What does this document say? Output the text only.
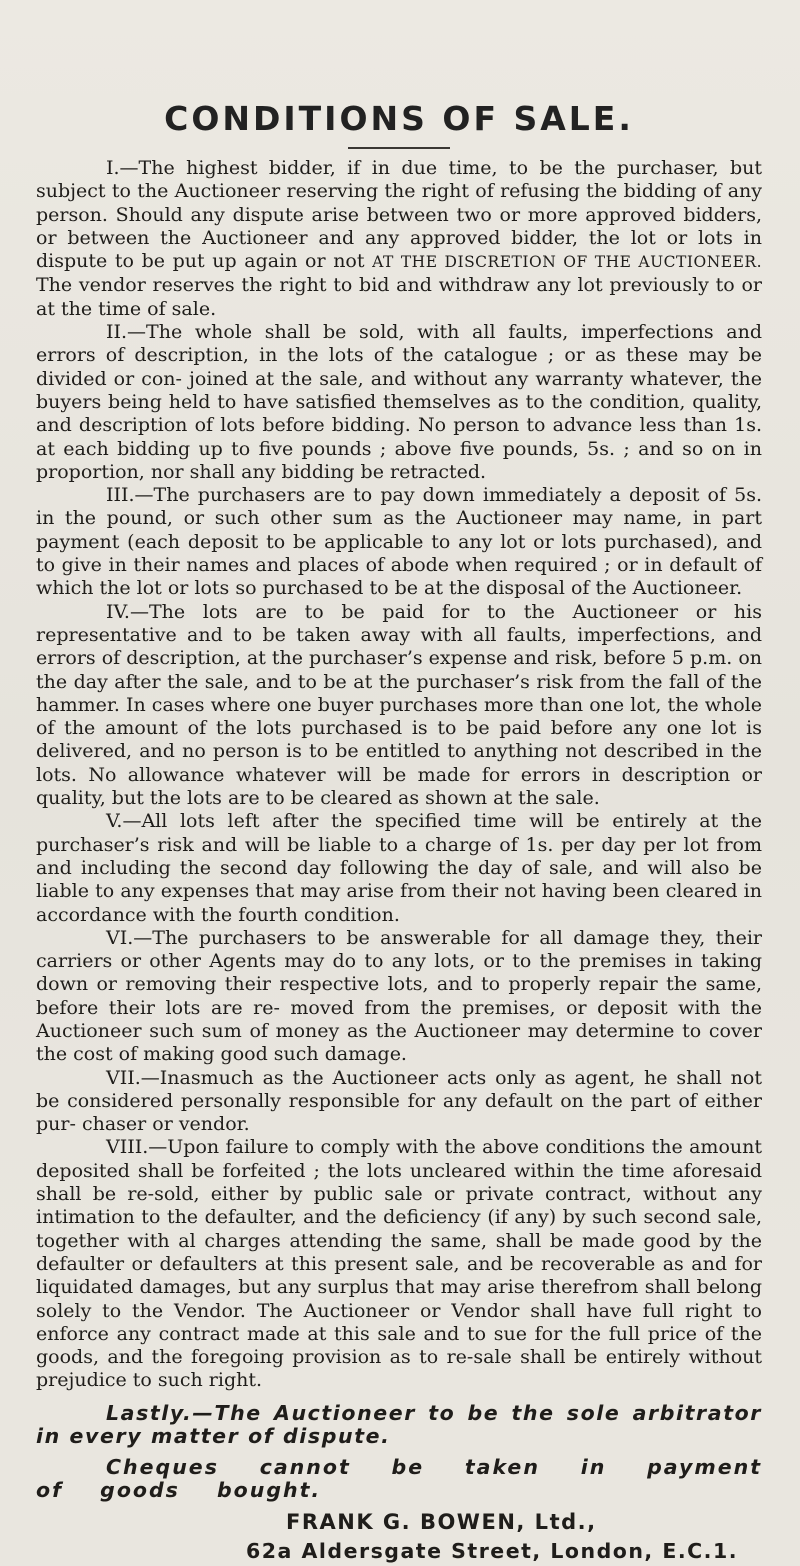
CONDITIONS OF SALE.

I.—The highest bidder, if in due time, to be the purchaser, but subject to the Auctioneer reserving the right of refusing the bidding of any person. Should any dispute arise between two or more approved bidders, or between the Auctioneer and any approved bidder, the lot or lots in dispute to be put up again or not AT THE DISCRETION OF THE AUCTIONEER. The vendor reserves the right to bid and withdraw any lot previously to or at the time of sale.

II.—The whole shall be sold, with all faults, imperfections and errors of description, in the lots of the catalogue ; or as these may be divided or con- joined at the sale, and without any warranty whatever, the buyers being held to have satisfied themselves as to the condition, quality, and description of lots before bidding. No person to advance less than 1s. at each bidding up to five pounds ; above five pounds, 5s. ; and so on in proportion, nor shall any bidding be retracted.

III.—The purchasers are to pay down immediately a deposit of 5s. in the pound, or such other sum as the Auctioneer may name, in part payment (each deposit to be applicable to any lot or lots purchased), and to give in their names and places of abode when required ; or in default of which the lot or lots so purchased to be at the disposal of the Auctioneer.

IV.—The lots are to be paid for to the Auctioneer or his representative and to be taken away with all faults, imperfections, and errors of description, at the purchaser’s expense and risk, before 5 p.m. on the day after the sale, and to be at the purchaser’s risk from the fall of the hammer. In cases where one buyer purchases more than one lot, the whole of the amount of the lots purchased is to be paid before any one lot is delivered, and no person is to be entitled to anything not described in the lots. No allowance whatever will be made for errors in description or quality, but the lots are to be cleared as shown at the sale.

V.—All lots left after the specified time will be entirely at the purchaser’s risk and will be liable to a charge of 1s. per day per lot from and including the second day following the day of sale, and will also be liable to any expenses that may arise from their not having been cleared in accordance with the fourth condition.

VI.—The purchasers to be answerable for all damage they, their carriers or other Agents may do to any lots, or to the premises in taking down or removing their respective lots, and to properly repair the same, before their lots are re- moved from the premises, or deposit with the Auctioneer such sum of money as the Auctioneer may determine to cover the cost of making good such damage.

VII.—Inasmuch as the Auctioneer acts only as agent, he shall not be considered personally responsible for any default on the part of either pur- chaser or vendor.

VIII.—Upon failure to comply with the above conditions the amount deposited shall be forfeited ; the lots uncleared within the time aforesaid shall be re-sold, either by public sale or private contract, without any intimation to the defaulter, and the deficiency (if any) by such second sale, together with al charges attending the same, shall be made good by the defaulter or defaulters at this present sale, and be recoverable as and for liquidated damages, but any surplus that may arise therefrom shall belong solely to the Vendor. The Auctioneer or Vendor shall have full right to enforce any contract made at this sale and to sue for the full price of the goods, and the foregoing provision as to re-sale shall be entirely without prejudice to such right.

Lastly.—The Auctioneer to be the sole arbitrator in every matter of dispute.

Cheques cannot be taken in payment of goods bought.

FRANK G. BOWEN, Ltd.,

62a Aldersgate Street, London, E.C.1.
